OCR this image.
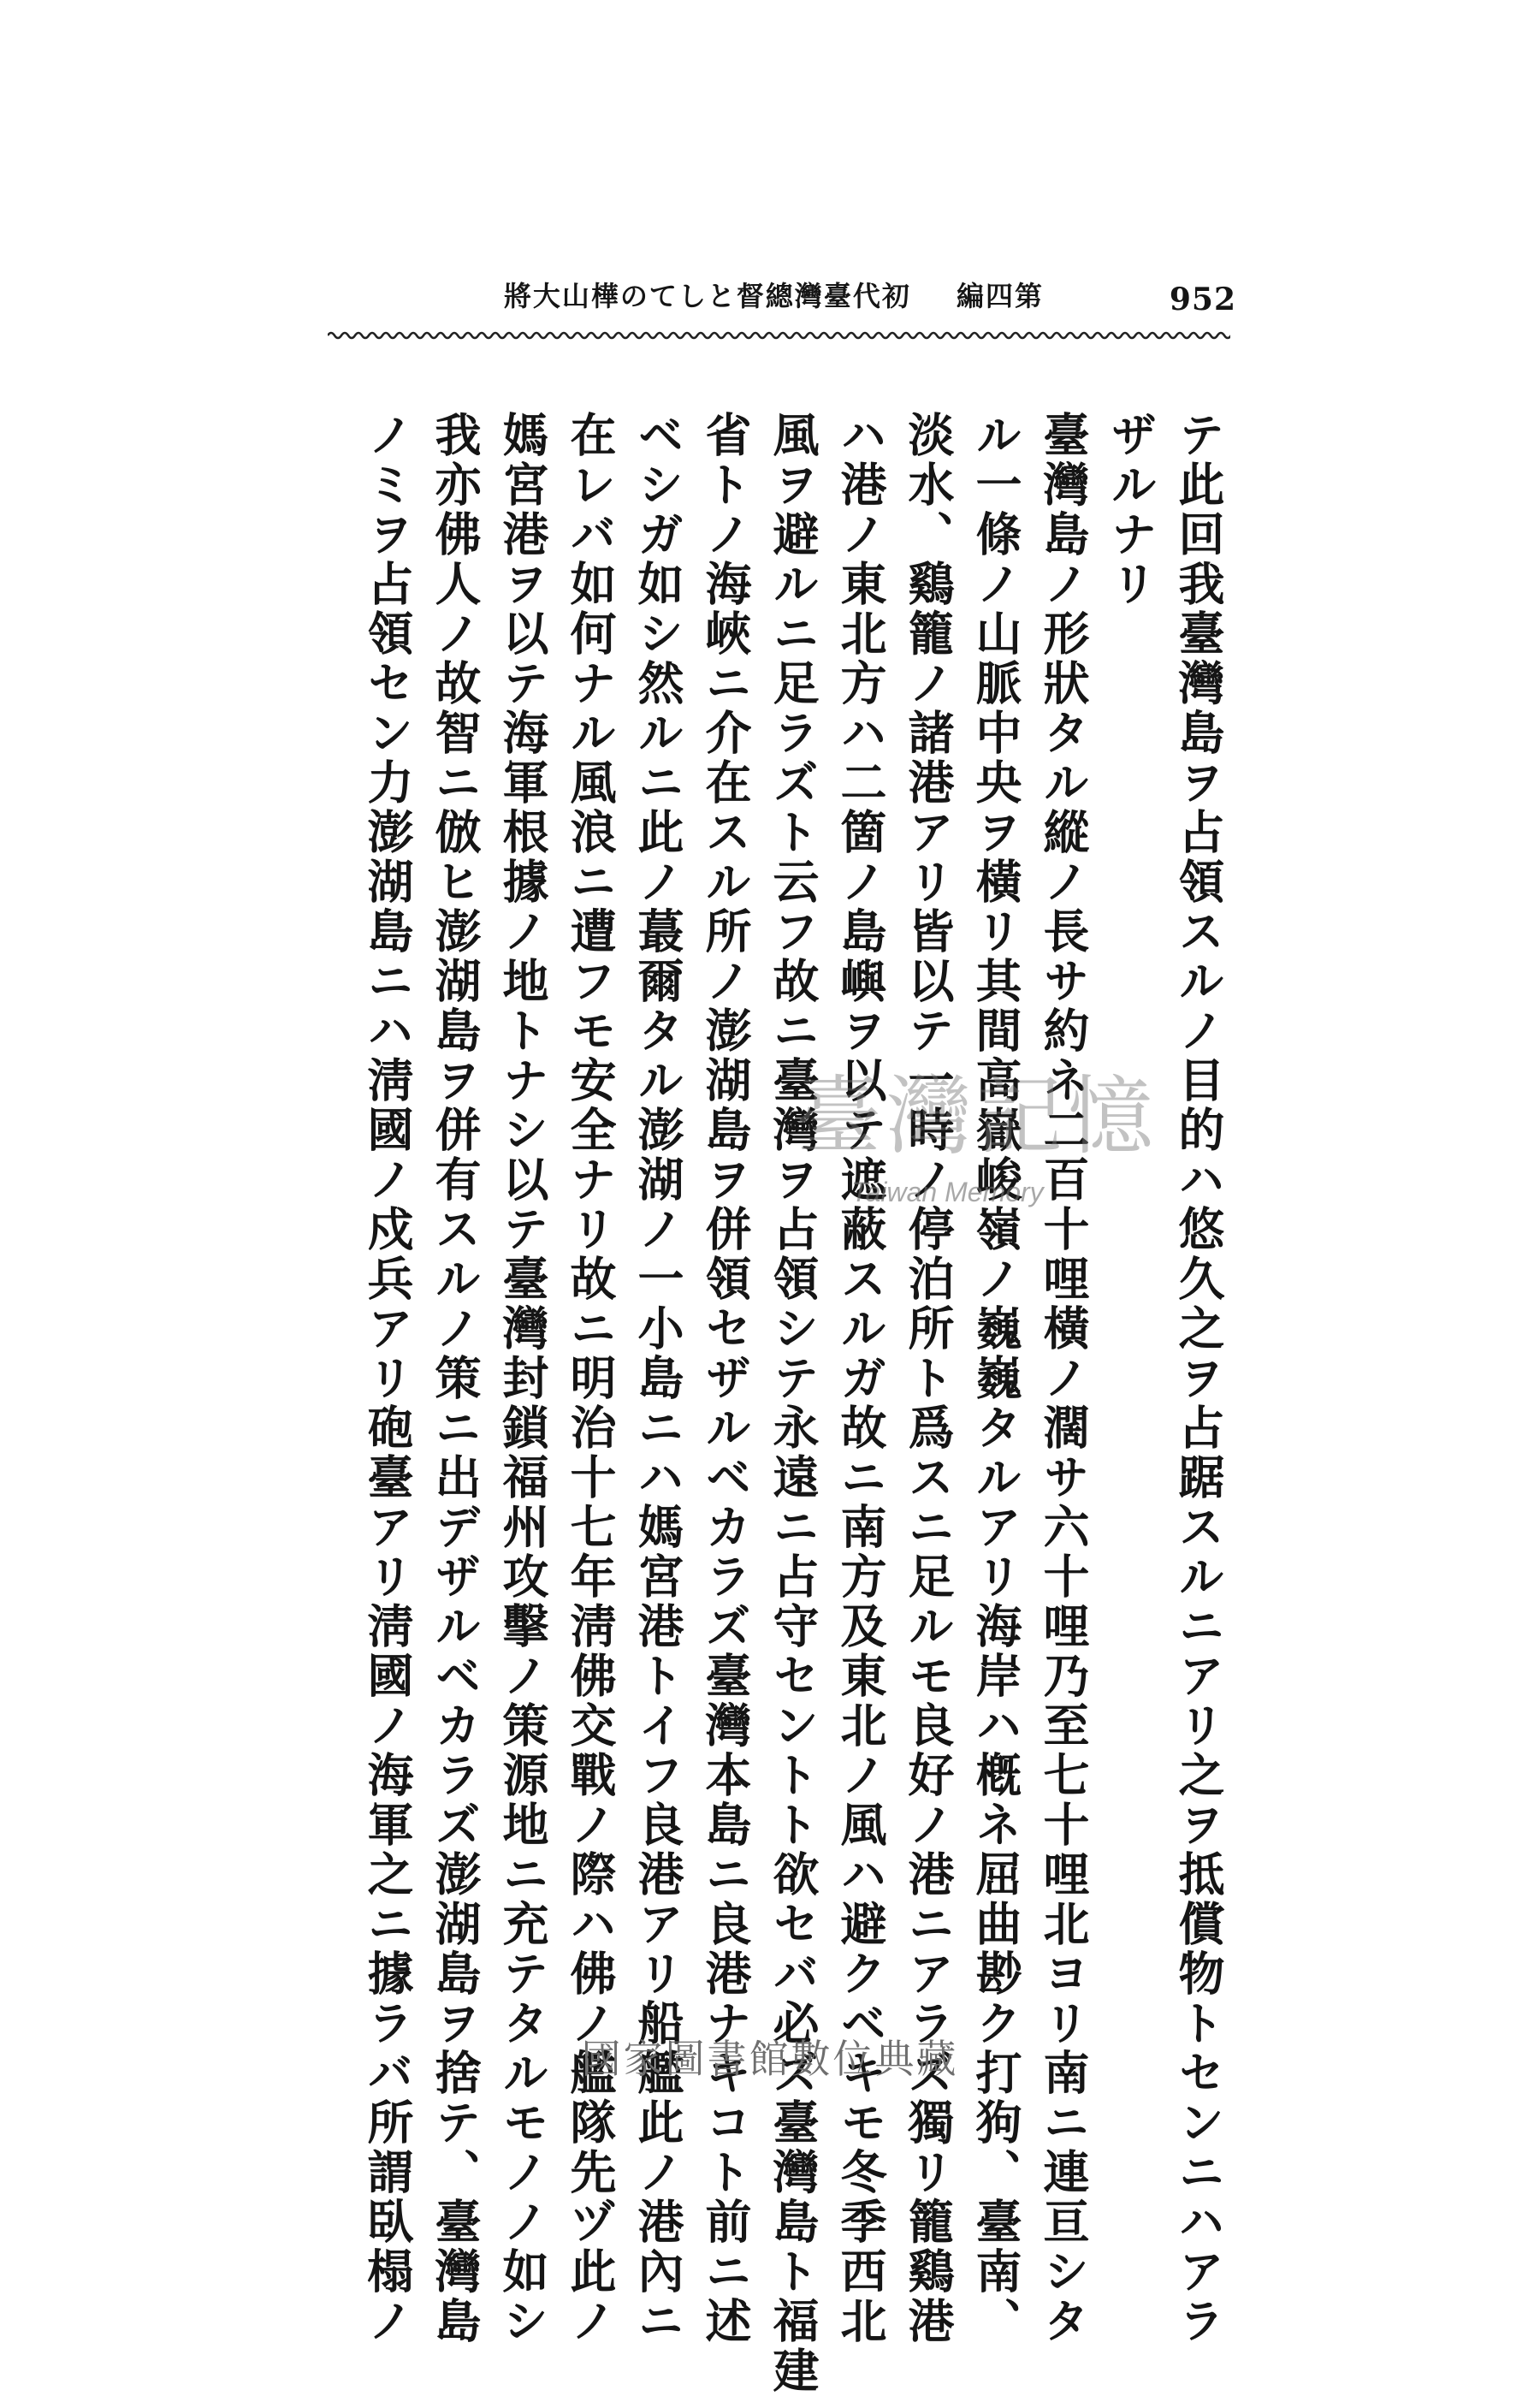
952
第四編 初代臺灣總督としての樺山大將
テ此回我臺灣島ヲ占領スルノ目的ハ悠久之ヲ占踞スルニアリ之ヲ抵償物トセンニハアラ
ザルナリ
臺灣島ノ形狀タル縱ノ長サ約ネ二百十哩橫ノ濶サ六十哩乃至七十哩北ヨリ南ニ連亘シタ
ル一條ノ山脈中央ヲ橫リ其間高嶽峻嶺ノ巍巍タルアリ海岸ハ槪ネ屈曲尠ク打狗、臺南、
淡水、鷄籠ノ諸港アリ皆以テ一時ノ停泊所ト爲スニ足ルモ良好ノ港ニアラズ獨リ籠鷄港
ハ港ノ東北方ハ二箇ノ島嶼ヲ以テ遮蔽スルガ故ニ南方及東北ノ風ハ避クベキモ冬季西北
風ヲ避ルニ足ラズト云フ故ニ臺灣ヲ占領シテ永遠ニ占守セントト欲セバ必ズ臺灣島ト福建
省トノ海峽ニ介在スル所ノ澎湖島ヲ併領セザルベカラズ臺灣本島ニ良港ナキコト前ニ述
ベシガ如シ然ルニ此ノ蕞爾タル澎湖ノ一小島ニハ媽宮港トイフ良港アリ船艦此ノ港內ニ
在レバ如何ナル風浪ニ遭フモ安全ナリ故ニ明治十七年淸佛交戰ノ際ハ佛ノ艦隊先ヅ此ノ
媽宮港ヲ以テ海軍根據ノ地トナシ以テ臺灣封鎖福州攻擊ノ策源地ニ充テタルモノノ如シ
我亦佛人ノ故智ニ倣ヒ澎湖島ヲ併有スルノ策ニ出デザルベカラズ澎湖島ヲ捨テ、臺灣島
ノミヲ占領セン力澎湖島ニハ淸國ノ戍兵アリ砲臺アリ淸國ノ海軍之ニ據ラバ所謂臥榻ノ	臺灣記憶
Taiwan Memory
國家圖書館數位典藏
